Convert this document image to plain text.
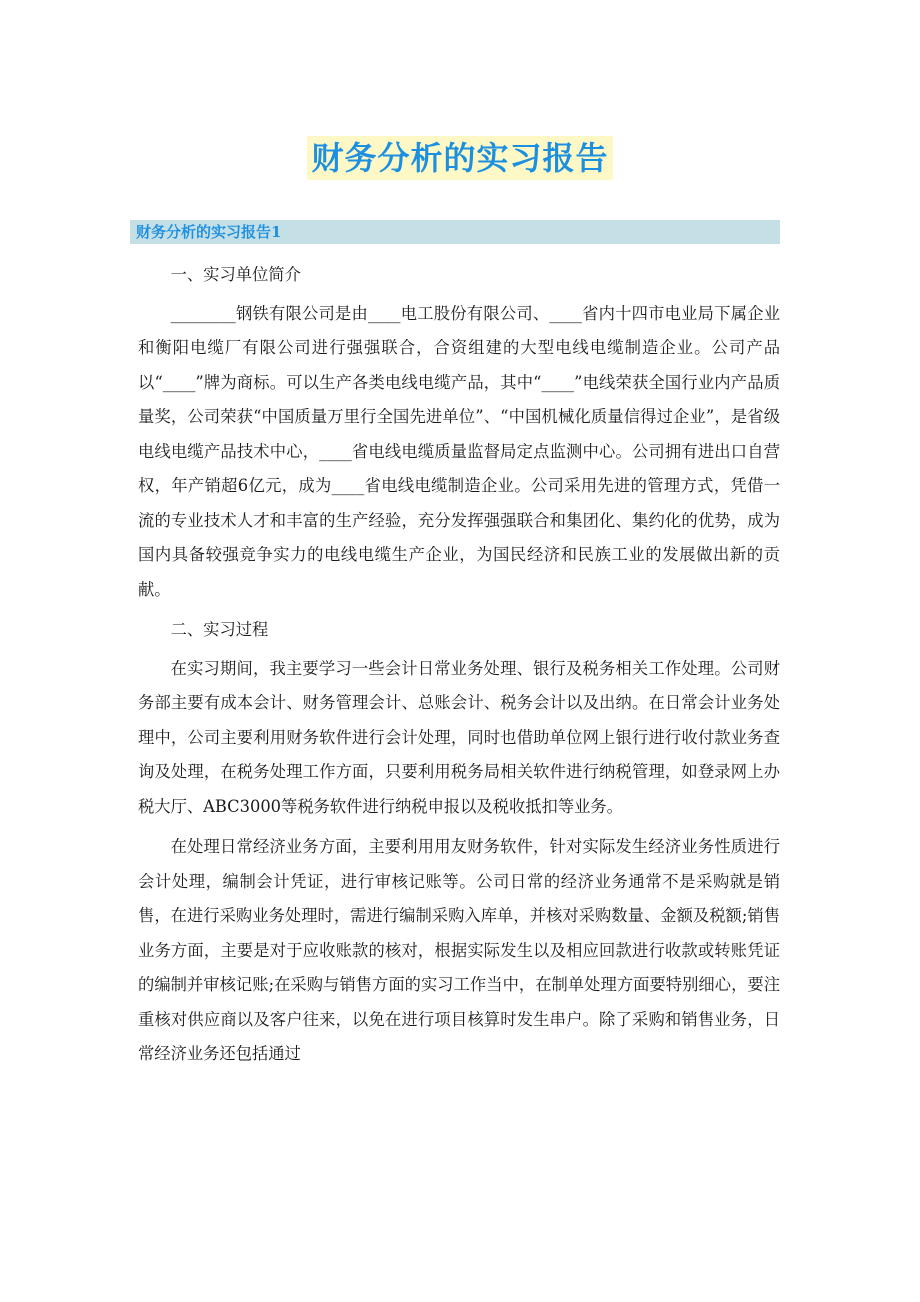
财务分析的实习报告
财务分析的实习报告1

一、实习单位简介

________钢铁有限公司是由____电工股份有限公司、____省内十四市电业局下属企业和衡阳电缆厂有限公司进行强强联合，合资组建的大型电线电缆制造企业。公司产品以“____”牌为商标。可以生产各类电线电缆产品，其中“____”电线荣获全国行业内产品质量奖，公司荣获“中国质量万里行全国先进单位”、“中国机械化质量信得过企业”，是省级电线电缆产品技术中心，____省电线电缆质量监督局定点监测中心。公司拥有进出口自营权，年产销超6亿元，成为____省电线电缆制造企业。公司采用先进的管理方式，凭借一流的专业技术人才和丰富的生产经验，充分发挥强强联合和集团化、集约化的优势，成为国内具备较强竞争实力的电线电缆生产企业，为国民经济和民族工业的发展做出新的贡献。

二、实习过程

在实习期间，我主要学习一些会计日常业务处理、银行及税务相关工作处理。公司财务部主要有成本会计、财务管理会计、总账会计、税务会计以及出纳。在日常会计业务处理中，公司主要利用财务软件进行会计处理，同时也借助单位网上银行进行收付款业务查询及处理，在税务处理工作方面，只要利用税务局相关软件进行纳税管理，如登录网上办税大厅、ABC3000等税务软件进行纳税申报以及税收抵扣等业务。

在处理日常经济业务方面，主要利用用友财务软件，针对实际发生经济业务性质进行会计处理，编制会计凭证，进行审核记账等。公司日常的经济业务通常不是采购就是销售，在进行采购业务处理时，需进行编制采购入库单，并核对采购数量、金额及税额;销售业务方面，主要是对于应收账款的核对，根据实际发生以及相应回款进行收款或转账凭证的编制并审核记账;在采购与销售方面的实习工作当中，在制单处理方面要特别细心，要注重核对供应商以及客户往来，以免在进行项目核算时发生串户。除了采购和销售业务，日常经济业务还包括通过
